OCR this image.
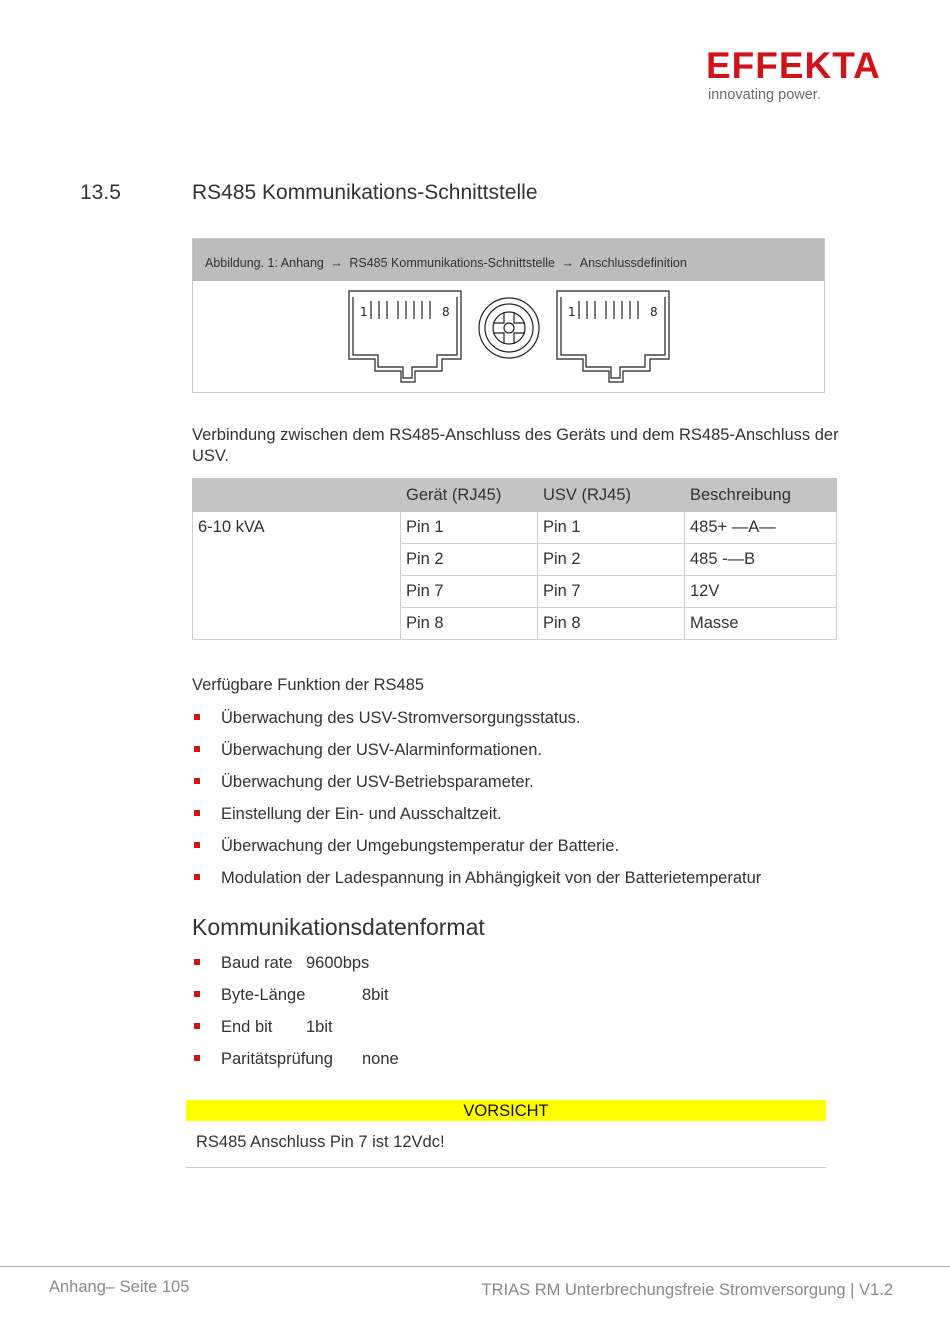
EFFEKTA
innovating power.
13.5	RS485 Kommunikations-Schnittstelle
Abbildung. 1: Anhang → RS485 Kommunikations-Schnittstelle → Anschlussdefinition
1	8	1	8
Verbindung zwischen dem RS485-Anschluss des Geräts und dem RS485-Anschluss der USV.
	Gerät (RJ45)	USV (RJ45)	Beschreibung
6-10 kVA	Pin 1	Pin 1	485+ —A—
	Pin 2	Pin 2	485 -—B
	Pin 7	Pin 7	12V
	Pin 8	Pin 8	Masse
Verfügbare Funktion der RS485
Überwachung des USV-Stromversorgungsstatus.
Überwachung der USV-Alarminformationen.
Überwachung der USV-Betriebsparameter.
Einstellung der Ein- und Ausschaltzeit.
Überwachung der Umgebungstemperatur der Batterie.
Modulation der Ladespannung in Abhängigkeit von der Batterietemperatur
Kommunikationsdatenformat
Baud rate 9600bps
Byte-Länge	8bit
End bit 1bit
Paritätsprüfung none
VORSICHT
RS485 Anschluss Pin 7 ist 12Vdc!
Anhang– Seite 105	TRIAS RM Unterbrechungsfreie Stromversorgung | V1.2
